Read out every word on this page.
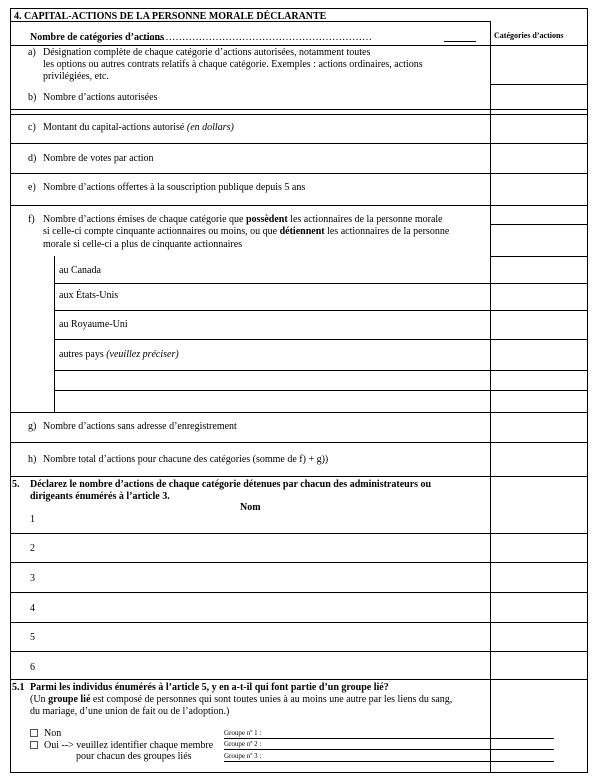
4. CAPITAL-ACTIONS DE LA PERSONNE MORALE DÉCLARANTE
Nombre de catégories d’actions
……………………………………………………………	Catégories d’actions
a) Désignation complète de chaque catégorie d’actions autorisées, notamment toutes
les options ou autres contrats relatifs à chaque catégorie. Exemples : actions ordinaires, actions
privilégiées, etc.
b) Nombre d’actions autorisées
c) Montant du capital-actions autorisé (en dollars)
d) Nombre de votes par action
e) Nombre d’actions offertes à la souscription publique depuis 5 ans
f) Nombre d’actions émises de chaque catégorie que possèdent les actionnaires de la personne morale
si celle-ci compte cinquante actionnaires ou moins, ou que détiennent les actionnaires de la personne
morale si celle-ci a plus de cinquante actionnaires
au Canada
aux États-Unis
au Royaume-Uni
autres pays (veuillez préciser)
g) Nombre d’actions sans adresse d’enregistrement
h) Nombre total d’actions pour chacune des catégories (somme de f) + g))
5. Déclarez le nombre d’actions de chaque catégorie détenues par chacun des administrateurs ou
dirigeants énumérés à l’article 3.
Nom
1
2
3
4
5
6
5.1 Parmi les individus énumérés à l’article 5, y en a-t-il qui font partie d’un groupe lié?
(Un groupe lié est composé de personnes qui sont toutes unies à au moins une autre par les liens du sang,
du mariage, d’une union de fait ou de l’adoption.)
Non
Oui --> veuillez identifier chaque membre
pour chacun des groupes liés
Groupe nº 1 :
Groupe nº 2 :
Groupe nº 3 :
